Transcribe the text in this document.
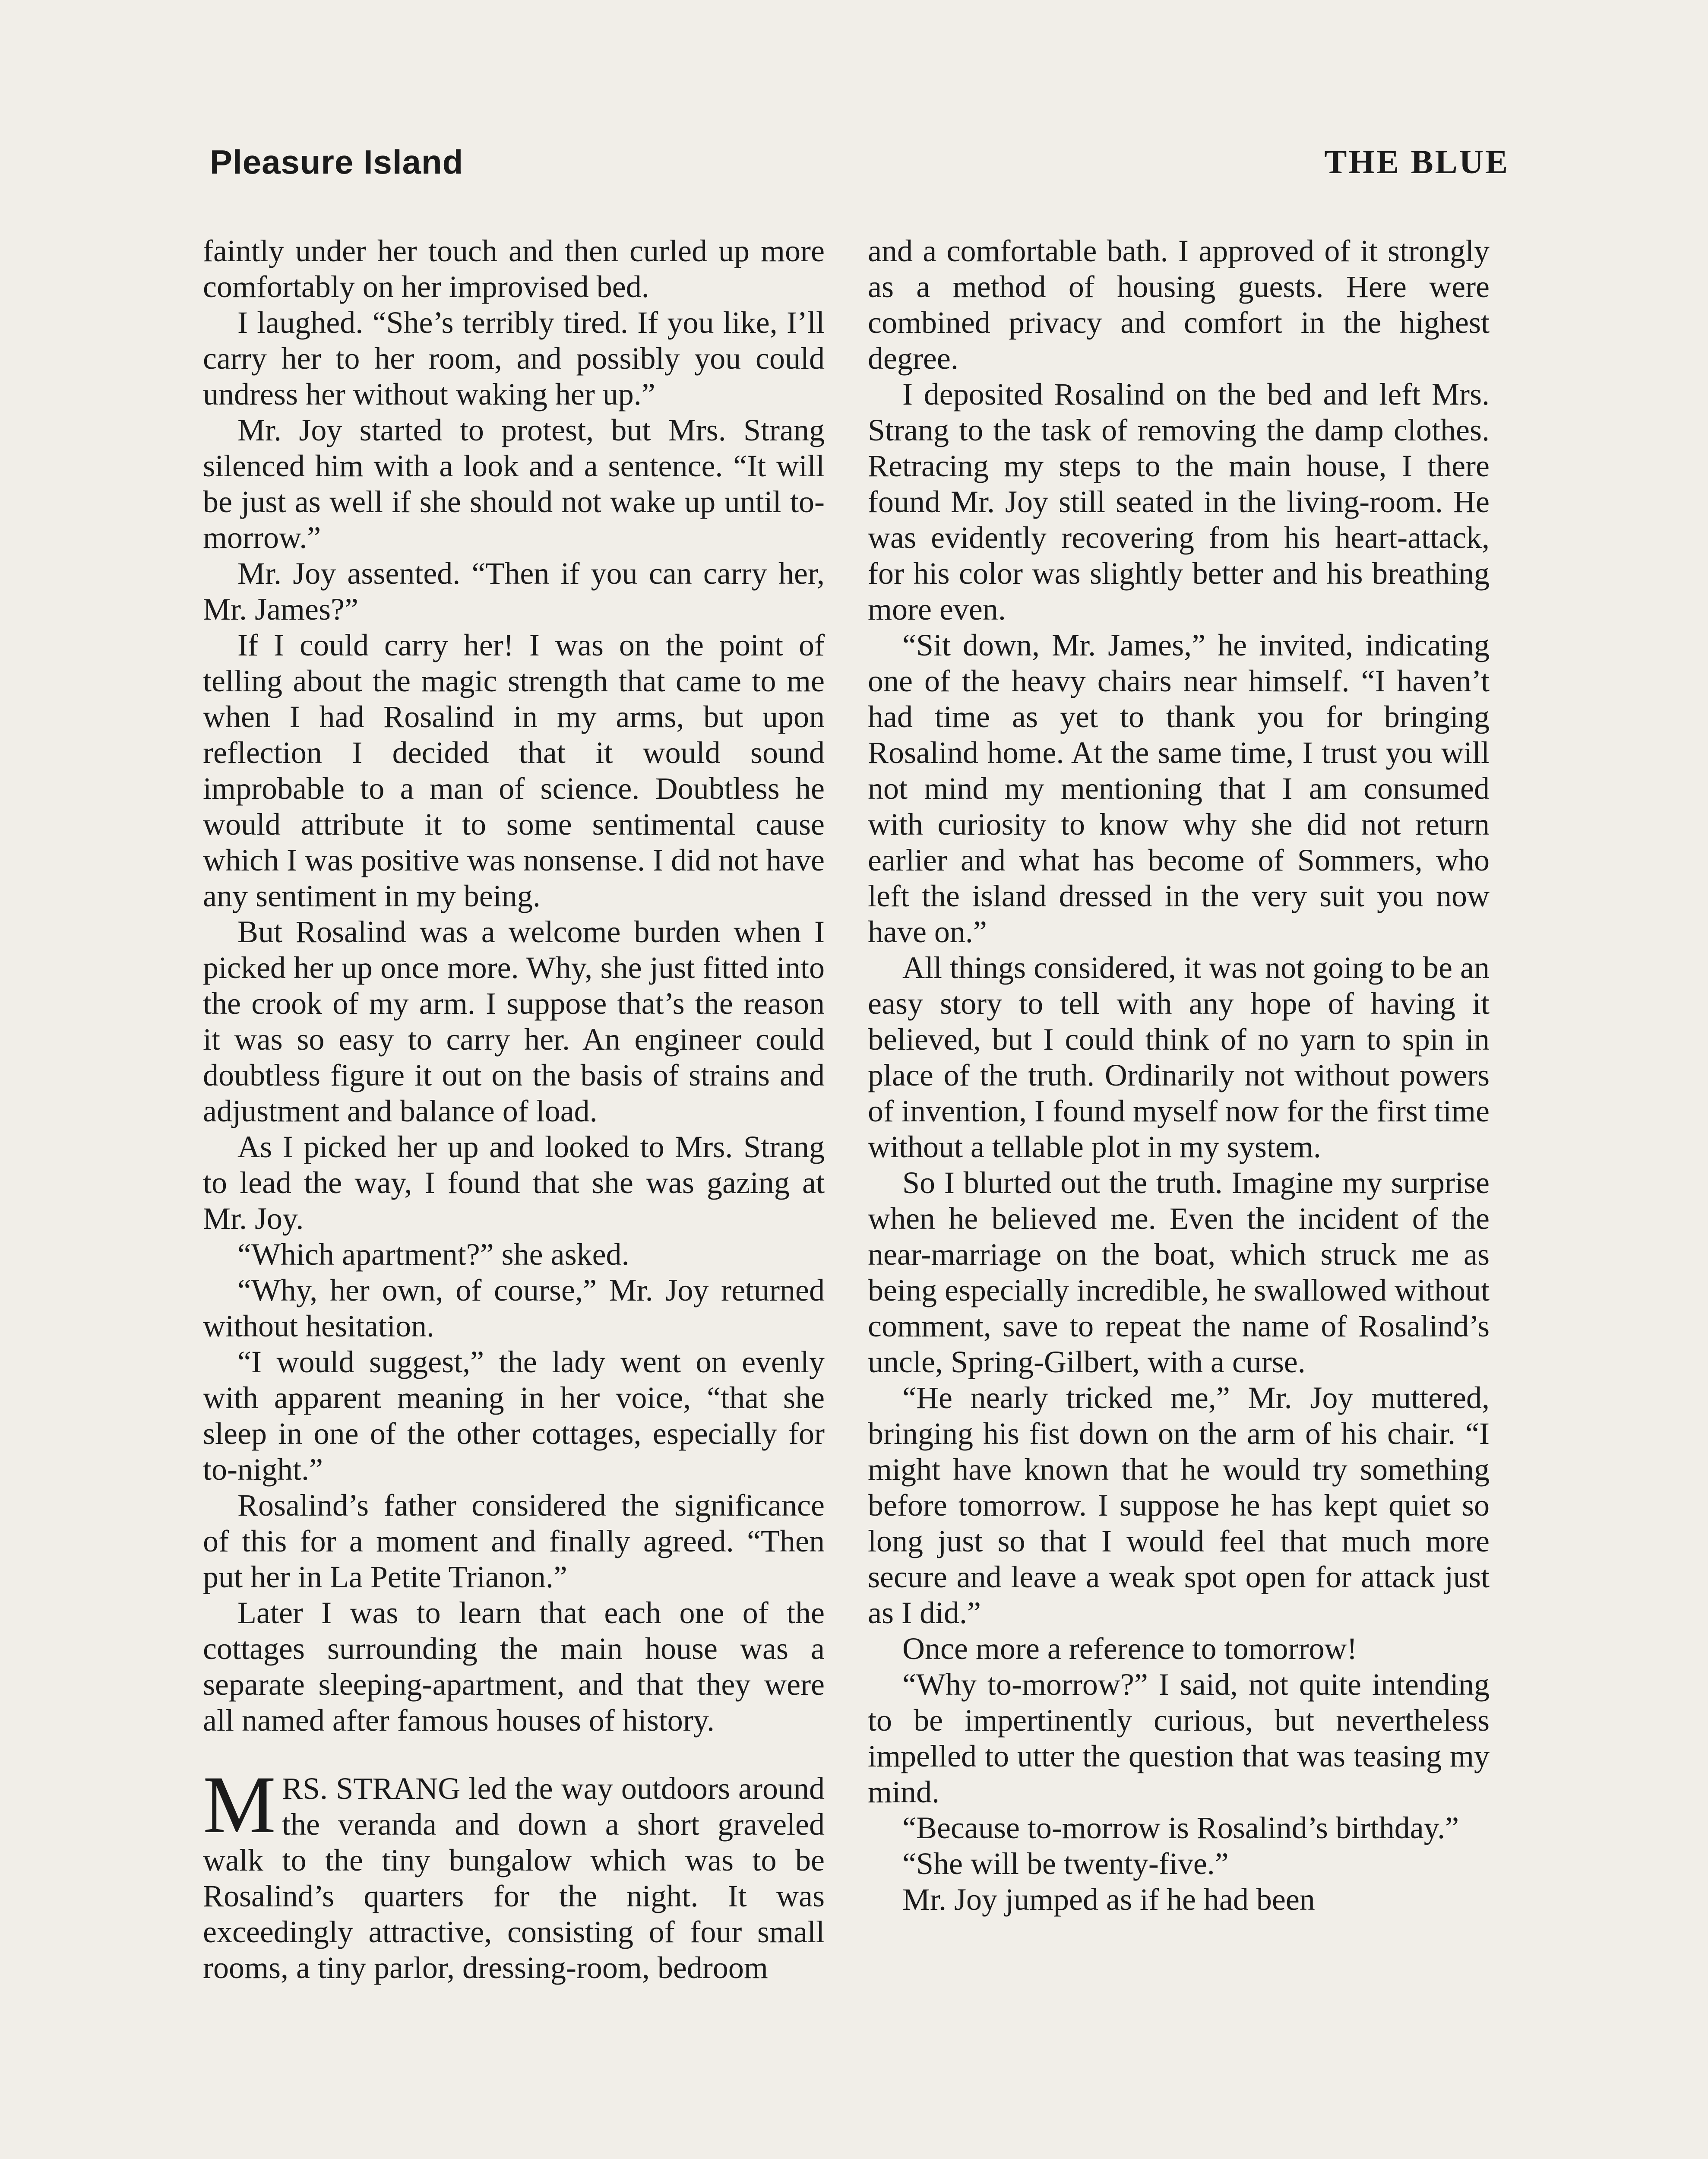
Pleasure Island	THE BLUE

faintly under her touch and then curled up more comfortably on her improvised bed.

I laughed. “She’s terribly tired. If you like, I’ll carry her to her room, and possibly you could undress her without waking her up.”

Mr. Joy started to protest, but Mrs. Strang silenced him with a look and a sentence. “It will be just as well if she should not wake up until to-morrow.”

Mr. Joy assented. “Then if you can carry her, Mr. James?”

If I could carry her! I was on the point of telling about the magic strength that came to me when I had Rosalind in my arms, but upon reflection I decided that it would sound improbable to a man of science. Doubtless he would attribute it to some sentimental cause which I was positive was nonsense. I did not have any sentiment in my being.

But Rosalind was a welcome burden when I picked her up once more. Why, she just fitted into the crook of my arm. I suppose that’s the reason it was so easy to carry her. An engineer could doubtless figure it out on the basis of strains and adjustment and balance of load.

As I picked her up and looked to Mrs. Strang to lead the way, I found that she was gazing at Mr. Joy.

“Which apartment?” she asked.

“Why, her own, of course,” Mr. Joy returned without hesitation.

“I would suggest,” the lady went on evenly with apparent meaning in her voice, “that she sleep in one of the other cottages, especially for to-night.”

Rosalind’s father considered the significance of this for a moment and finally agreed. “Then put her in La Petite Trianon.”

Later I was to learn that each one of the cottages surrounding the main house was a separate sleeping-apartment, and that they were all named after famous houses of history.

MRS. STRANG led the way outdoors around the veranda and down a short graveled walk to the tiny bungalow which was to be Rosalind’s quarters for the night. It was exceedingly attractive, consisting of four small rooms, a tiny parlor, dressing-room, bedroom

and a comfortable bath. I approved of it strongly as a method of housing guests. Here were combined privacy and comfort in the highest degree.

I deposited Rosalind on the bed and left Mrs. Strang to the task of removing the damp clothes. Retracing my steps to the main house, I there found Mr. Joy still seated in the living-room. He was evidently recovering from his heart-attack, for his color was slightly better and his breathing more even.

“Sit down, Mr. James,” he invited, indicating one of the heavy chairs near himself. “I haven’t had time as yet to thank you for bringing Rosalind home. At the same time, I trust you will not mind my mentioning that I am consumed with curiosity to know why she did not return earlier and what has become of Sommers, who left the island dressed in the very suit you now have on.”

All things considered, it was not going to be an easy story to tell with any hope of having it believed, but I could think of no yarn to spin in place of the truth. Ordinarily not without powers of invention, I found myself now for the first time without a tellable plot in my system.

So I blurted out the truth. Imagine my surprise when he believed me. Even the incident of the near-marriage on the boat, which struck me as being especially incredible, he swallowed without comment, save to repeat the name of Rosalind’s uncle, Spring-Gilbert, with a curse.

“He nearly tricked me,” Mr. Joy muttered, bringing his fist down on the arm of his chair. “I might have known that he would try something before tomorrow. I suppose he has kept quiet so long just so that I would feel that much more secure and leave a weak spot open for attack just as I did.”

Once more a reference to tomorrow!

“Why to-morrow?” I said, not quite intending to be impertinently curious, but nevertheless impelled to utter the question that was teasing my mind.

“Because to-morrow is Rosalind’s birthday.”

“She will be twenty-five.”

Mr. Joy jumped as if he had been
